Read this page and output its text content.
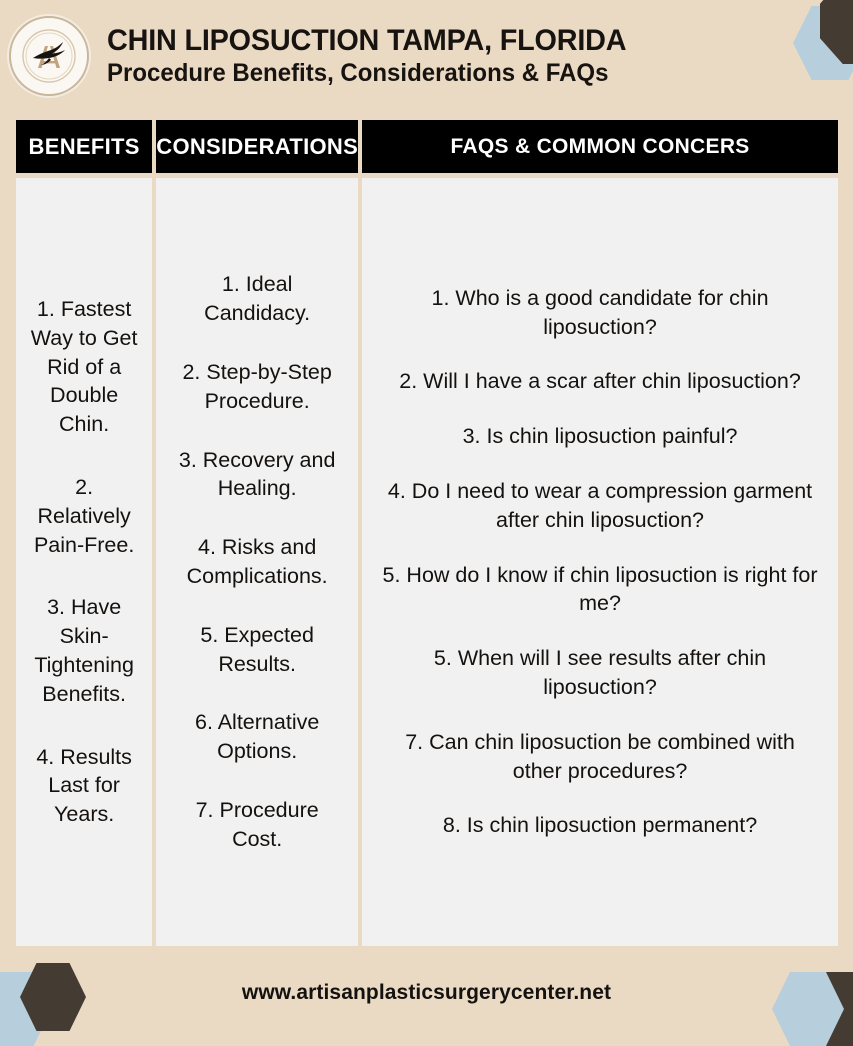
CHIN LIPOSUCTION TAMPA, FLORIDA
Procedure Benefits, Considerations & FAQs
BENEFITS
1. Fastest Way to Get Rid of a Double Chin.
2. Relatively Pain-Free.
3. Have Skin-Tightening Benefits.
4. Results Last for Years.
CONSIDERATIONS
1. Ideal Candidacy.
2. Step-by-Step Procedure.
3. Recovery and Healing.
4. Risks and Complications.
5. Expected Results.
6. Alternative Options.
7. Procedure Cost.
FAQS & COMMON CONCERS
1. Who is a good candidate for chin liposuction?
2. Will I have a scar after chin liposuction?
3. Is chin liposuction painful?
4. Do I need to wear a compression garment after chin liposuction?
5. How do I know if chin liposuction is right for me?
5. When will I see results after chin liposuction?
7. Can chin liposuction be combined with other procedures?
8. Is chin liposuction permanent?
www.artisanplasticsurgerycenter.net
